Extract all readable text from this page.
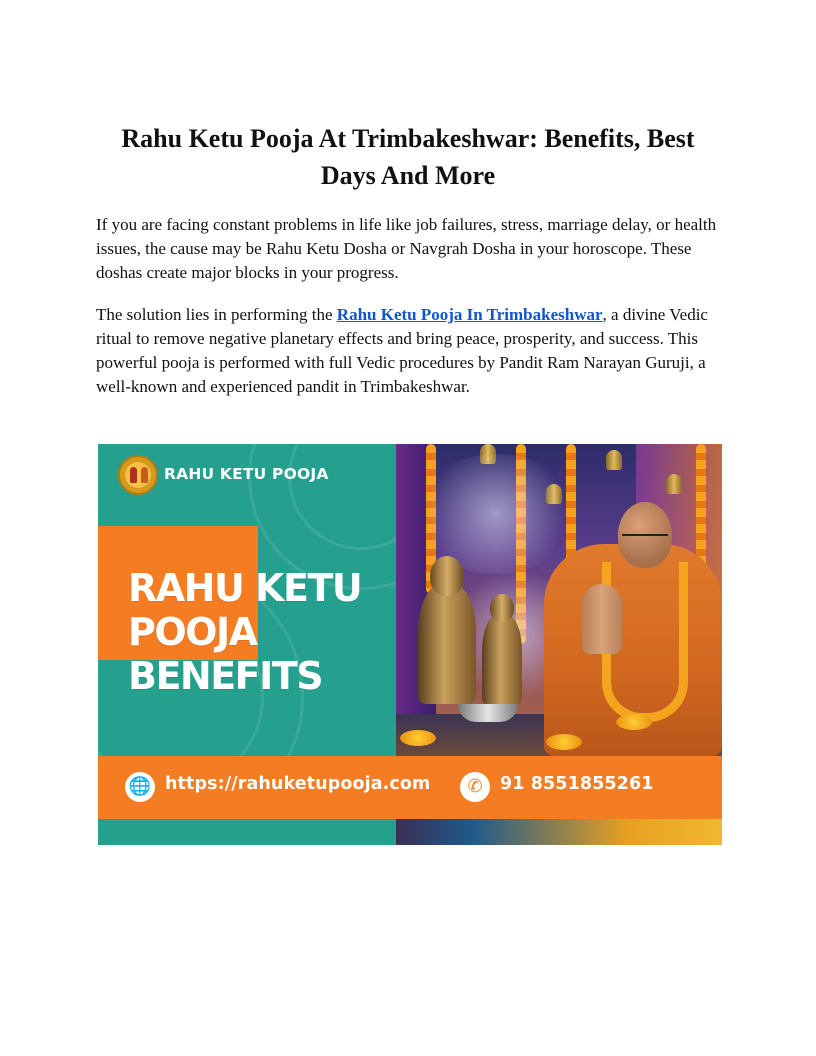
Rahu Ketu Pooja At Trimbakeshwar: Benefits, Best Days And More

If you are facing constant problems in life like job failures, stress, marriage delay, or health issues, the cause may be Rahu Ketu Dosha or Navgrah Dosha in your horoscope. These doshas create major blocks in your progress.

The solution lies in performing the Rahu Ketu Pooja In Trimbakeshwar, a divine Vedic ritual to remove negative planetary effects and bring peace, prosperity, and success. This powerful pooja is performed with full Vedic procedures by Pandit Ram Narayan Guruji, a well-known and experienced pandit in Trimbakeshwar.

RAHU KETU POOJA
RAHU KETU
POOJA
BENEFITS
🌐 https://rahuketupooja.com	✆ 91 8551855261
